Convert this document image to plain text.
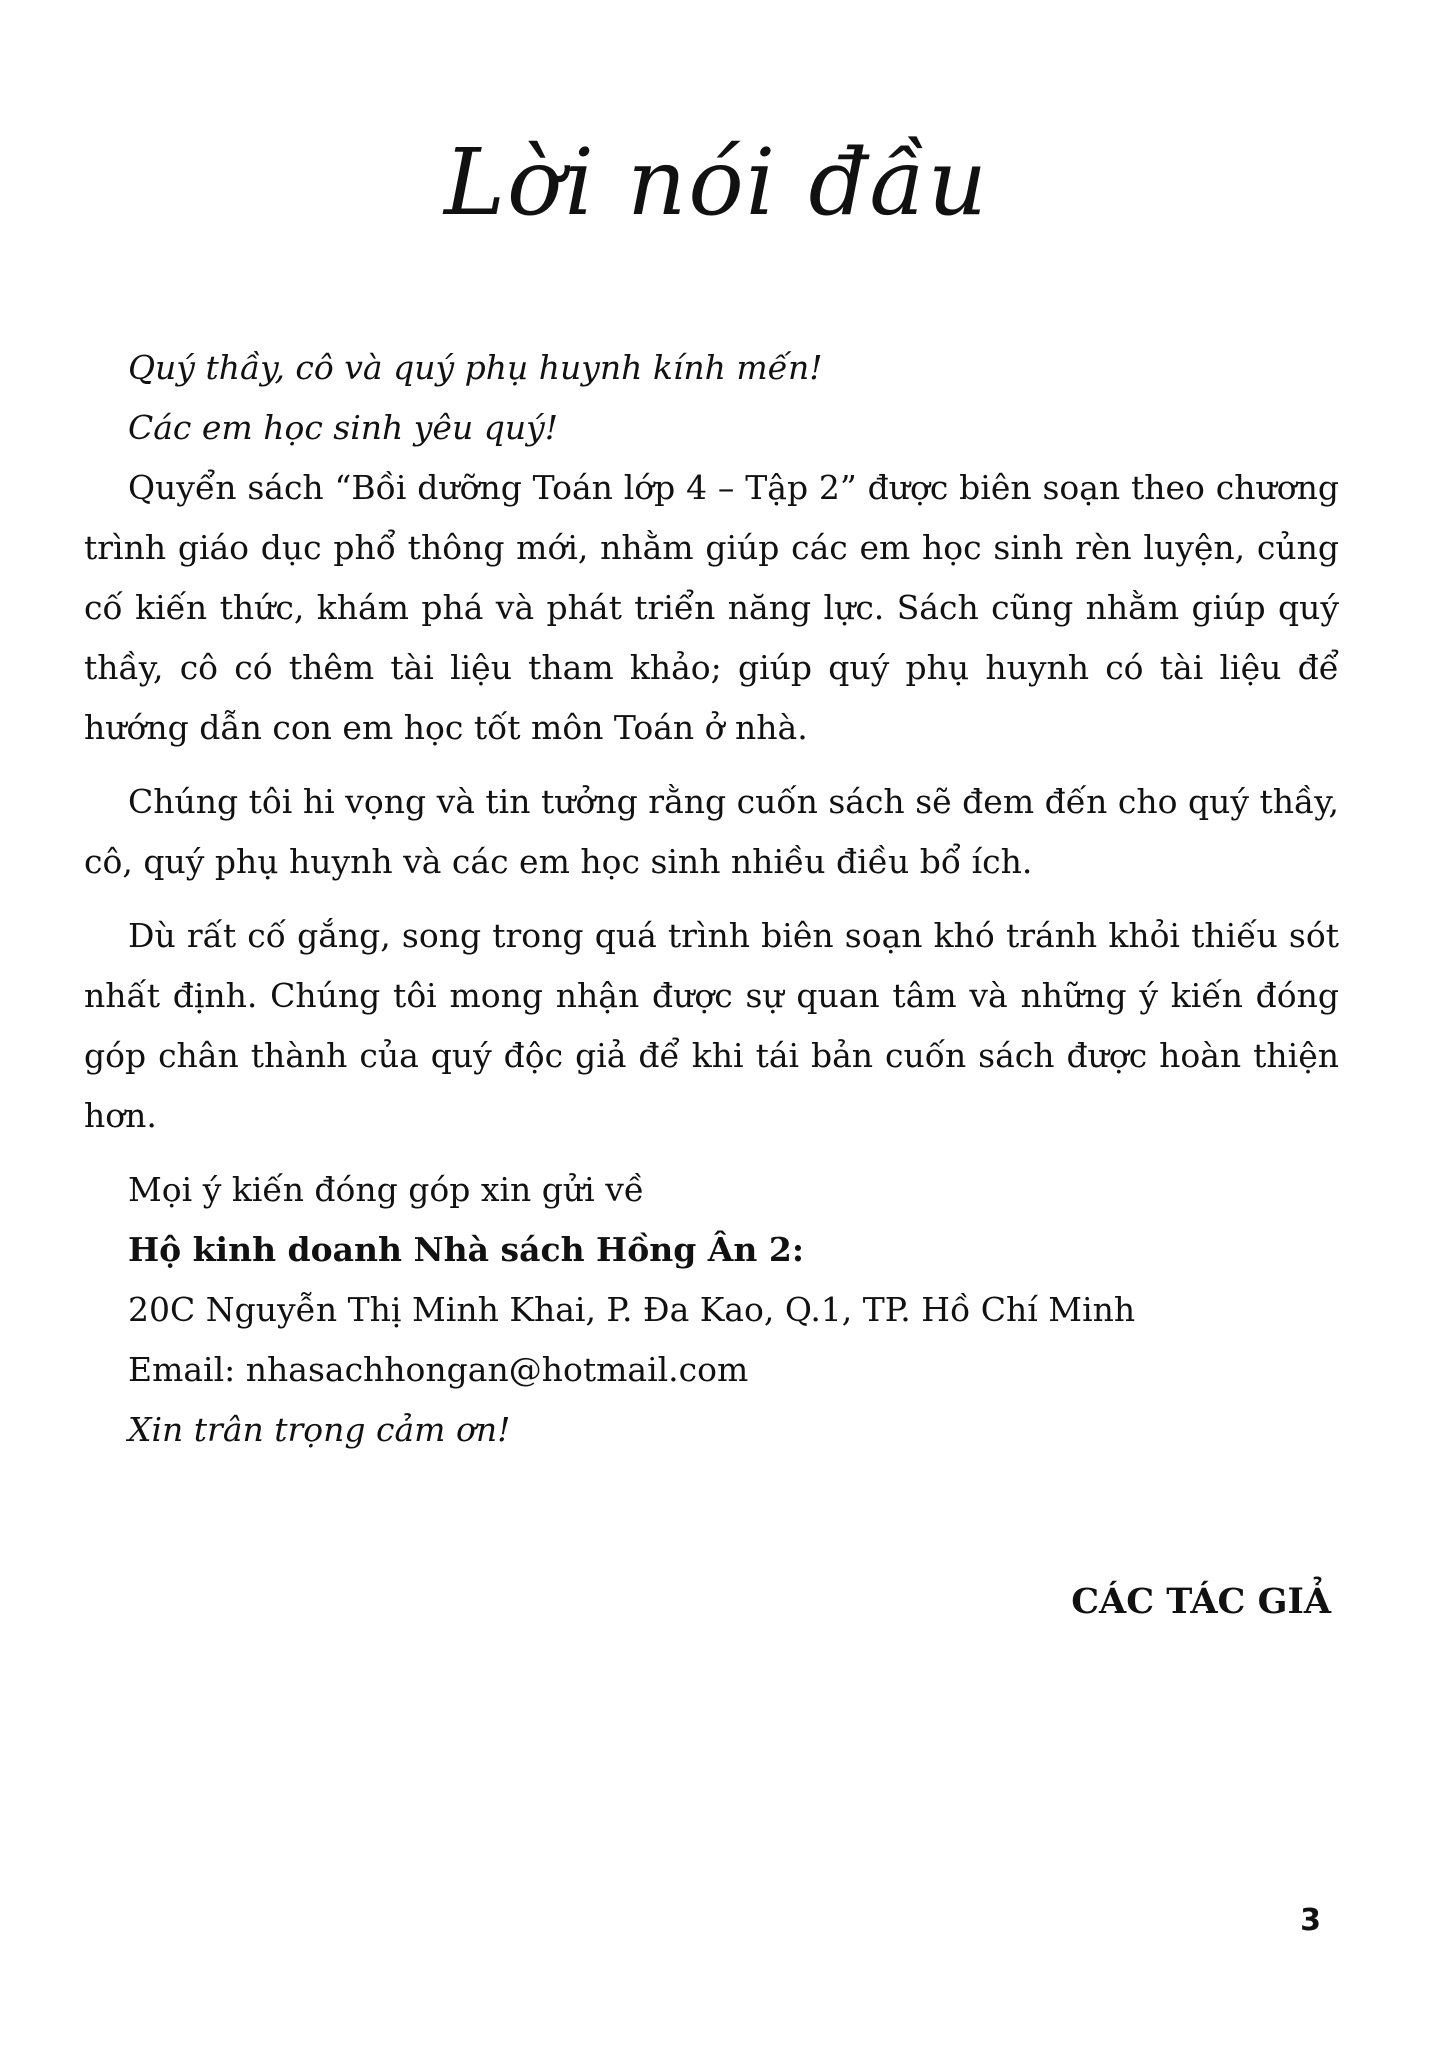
Lời nói đầu

Quý thầy, cô và quý phụ huynh kính mến!

Các em học sinh yêu quý!

Quyển sách “Bồi dưỡng Toán lớp 4 – Tập 2” được biên soạn theo chương trình giáo dục phổ thông mới, nhằm giúp các em học sinh rèn luyện, củng cố kiến thức, khám phá và phát triển năng lực. Sách cũng nhằm giúp quý thầy, cô có thêm tài liệu tham khảo; giúp quý phụ huynh có tài liệu để hướng dẫn con em học tốt môn Toán ở nhà.

Chúng tôi hi vọng và tin tưởng rằng cuốn sách sẽ đem đến cho quý thầy, cô, quý phụ huynh và các em học sinh nhiều điều bổ ích.

Dù rất cố gắng, song trong quá trình biên soạn khó tránh khỏi thiếu sót nhất định. Chúng tôi mong nhận được sự quan tâm và những ý kiến đóng góp chân thành của quý độc giả để khi tái bản cuốn sách được hoàn thiện hơn.

Mọi ý kiến đóng góp xin gửi về

Hộ kinh doanh Nhà sách Hồng Ân 2:

20C Nguyễn Thị Minh Khai, P. Đa Kao, Q.1, TP. Hồ Chí Minh

Email: nhasachhongan@hotmail.com

Xin trân trọng cảm ơn!

CÁC TÁC GIẢ
3
